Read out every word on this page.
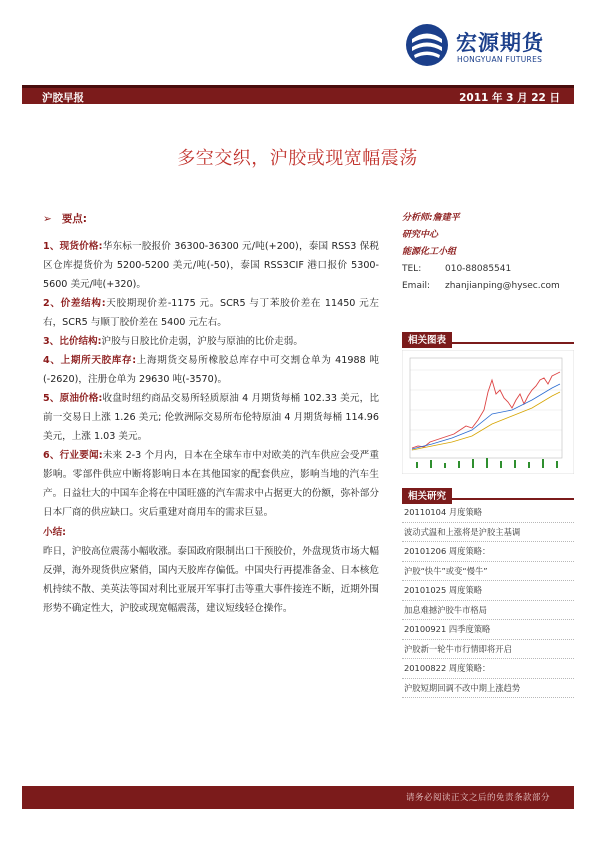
宏源期货
HONGYUAN FUTURES
沪胶早报	2011 年 3 月 22 日
多空交织，沪胶或现宽幅震荡
➢ 要点:
1、现货价格:华东标一胶报价 36300-36300 元/吨(+200)，泰国 RSS3 保税区仓库提货价为 5200-5200 美元/吨(-50)，泰国 RSS3CIF 港口报价 5300-5600 美元/吨(+320)。
2、价差结构:天胶期现价差-1175 元。SCR5 与丁苯胶价差在 11450 元左右，SCR5 与顺丁胶价差在 5400 元左右。
3、比价结构:沪胶与日胶比价走弱，沪胶与原油的比价走弱。
4、上期所天胶库存:上海期货交易所橡胶总库存中可交割仓单为 41988 吨(-2620)，注册仓单为 29630 吨(-3570)。
5、原油价格:收盘时纽约商品交易所轻质原油 4 月期货每桶 102.33 美元，比前一交易日上涨 1.26 美元; 伦敦洲际交易所布伦特原油 4 月期货每桶 114.96 美元，上涨 1.03 美元。
6、行业要闻:未来 2-3 个月内，日本在全球车市中对欧美的汽车供应会受严重影响。零部件供应中断将影响日本在其他国家的配套供应，影响当地的汽车生产。日益壮大的中国车企将在中国旺盛的汽车需求中占据更大的份额，弥补部分日本厂商的供应缺口。灾后重建对商用车的需求巨显。
小结:
昨日，沪胶高位震荡小幅收涨。泰国政府限制出口干预胶价，外盘现货市场大幅反弹，海外现货供应紧俏，国内天胶库存偏低。中国央行再提准备金、日本核危机持续不散、美英法等国对利比亚展开军事打击等重大事件接连不断，近期外围形势不确定性大，沪胶或现宽幅震荡，建议短线轻仓操作。
分析师:詹建平
研究中心
能源化工小组
TEL:	010-88085541
Email: zhanjianping@hysec.com
相关图表
相关研究
20110104 月度策略
波动式温和上涨将是沪胶主基调
20101206 周度策略：
沪胶“快牛”或变“慢牛”
20101025 周度策略
加息难撼沪胶牛市格局
20100921 四季度策略
沪胶新一轮牛市行情即将开启
20100822 周度策略：
沪胶短期回调不改中期上涨趋势
请务必阅读正文之后的免责条款部分
